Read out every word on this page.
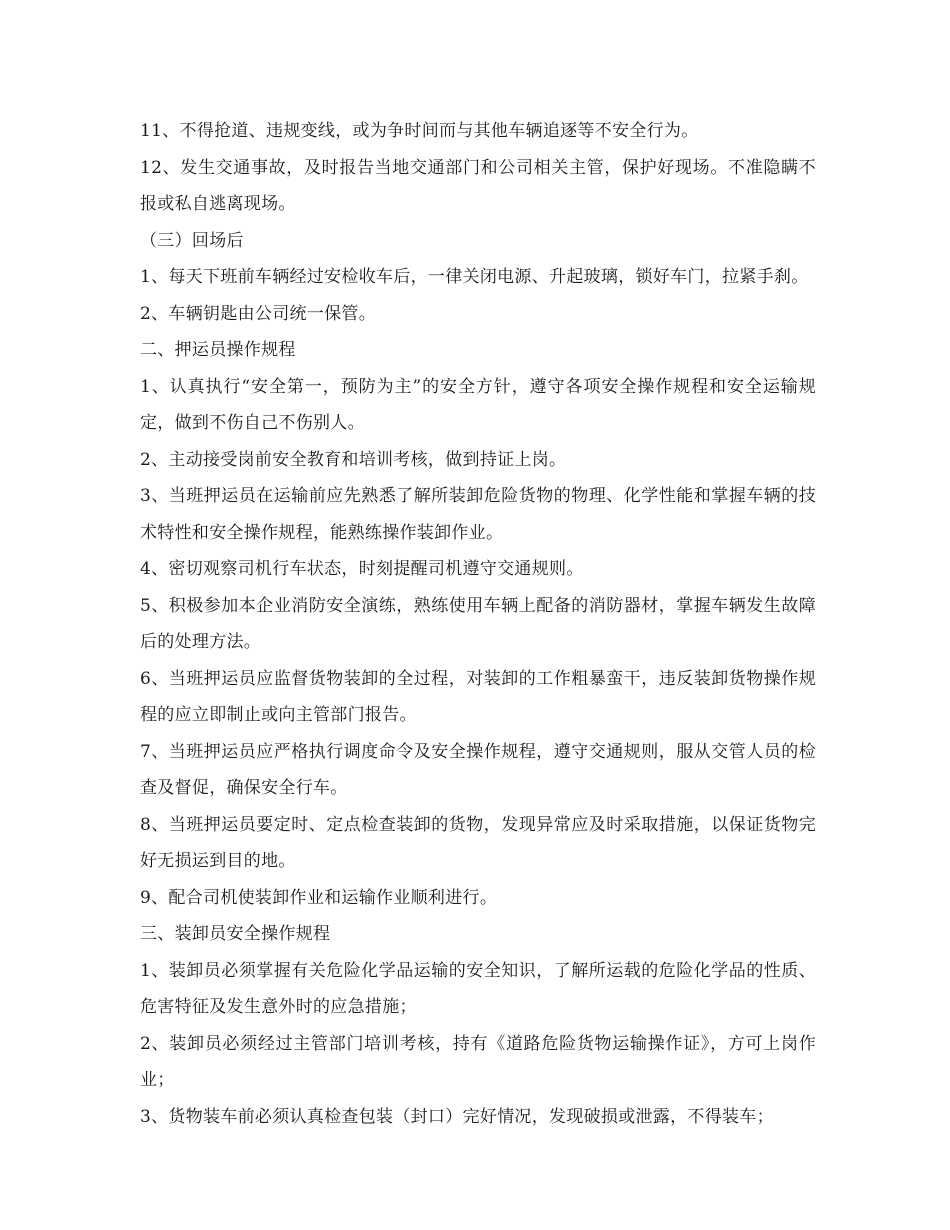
11、不得抢道、违规变线，或为争时间而与其他车辆追逐等不安全行为。

12、发生交通事故，及时报告当地交通部门和公司相关主管，保护好现场。不准隐瞒不报或私自逃离现场。

（三）回场后

1、每天下班前车辆经过安检收车后，一律关闭电源、升起玻璃，锁好车门，拉紧手刹。

2、车辆钥匙由公司统一保管。

二、押运员操作规程

1、认真执行“安全第一，预防为主”的安全方针，遵守各项安全操作规程和安全运输规定，做到不伤自己不伤别人。

2、主动接受岗前安全教育和培训考核，做到持证上岗。

3、当班押运员在运输前应先熟悉了解所装卸危险货物的物理、化学性能和掌握车辆的技术特性和安全操作规程，能熟练操作装卸作业。

4、密切观察司机行车状态，时刻提醒司机遵守交通规则。

5、积极参加本企业消防安全演练，熟练使用车辆上配备的消防器材，掌握车辆发生故障后的处理方法。

6、当班押运员应监督货物装卸的全过程，对装卸的工作粗暴蛮干，违反装卸货物操作规程的应立即制止或向主管部门报告。

7、当班押运员应严格执行调度命令及安全操作规程，遵守交通规则，服从交管人员的检查及督促，确保安全行车。

8、当班押运员要定时、定点检查装卸的货物，发现异常应及时采取措施，以保证货物完好无损运到目的地。

9、配合司机使装卸作业和运输作业顺利进行。

三、装卸员安全操作规程

1、装卸员必须掌握有关危险化学品运输的安全知识，了解所运载的危险化学品的性质、危害特征及发生意外时的应急措施；

2、装卸员必须经过主管部门培训考核，持有《道路危险货物运输操作证》，方可上岗作业；

3、货物装车前必须认真检查包装（封口）完好情况，发现破损或泄露，不得装车；
